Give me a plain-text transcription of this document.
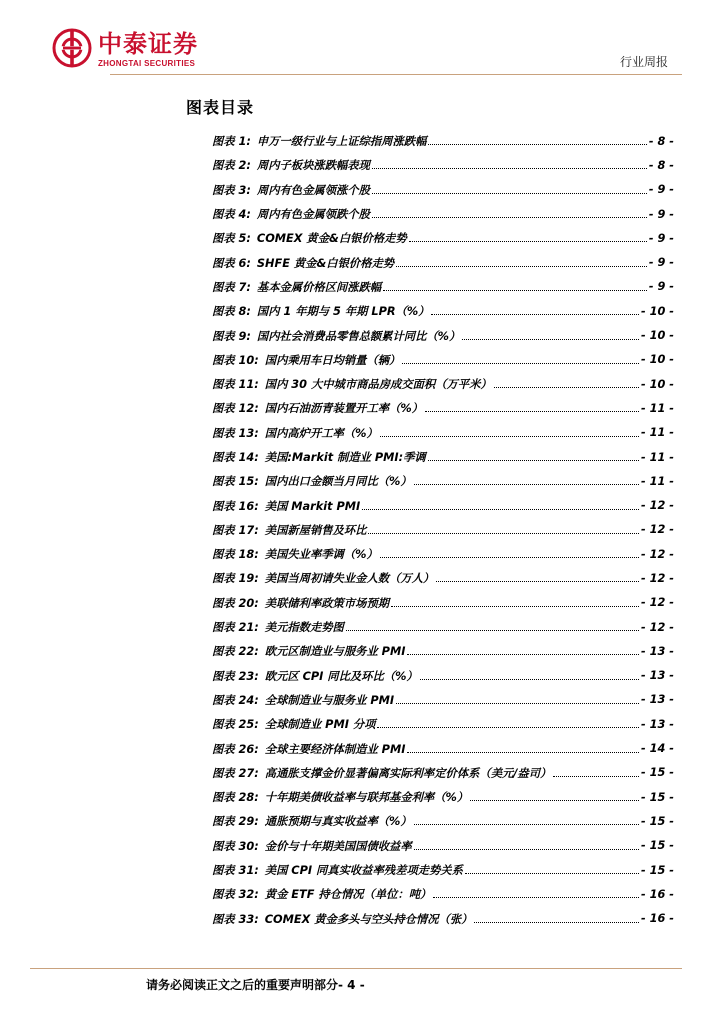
中泰证券
ZHONGTAI SECURITIES	行业周报
图表目录
图表 1: 申万一级行业与上证综指周涨跌幅	- 8 -
图表 2: 周内子板块涨跌幅表现	- 8 -
图表 3: 周内有色金属领涨个股	- 9 -
图表 4: 周内有色金属领跌个股	- 9 -
图表 5: COMEX 黄金&白银价格走势	- 9 -
图表 6: SHFE 黄金&白银价格走势	- 9 -
图表 7: 基本金属价格区间涨跌幅	- 9 -
图表 8: 国内 1 年期与 5 年期 LPR（%）	- 10 -
图表 9: 国内社会消费品零售总额累计同比（%）	- 10 -
图表 10: 国内乘用车日均销量（辆）	- 10 -
图表 11: 国内 30 大中城市商品房成交面积（万平米）	- 10 -
图表 12: 国内石油沥青装置开工率（%）	- 11 -
图表 13: 国内高炉开工率（%）	- 11 -
图表 14: 美国:Markit 制造业 PMI:季调	- 11 -
图表 15: 国内出口金额当月同比（%）	- 11 -
图表 16: 美国 Markit PMI	- 12 -
图表 17: 美国新屋销售及环比	- 12 -
图表 18: 美国失业率季调（%）	- 12 -
图表 19: 美国当周初请失业金人数（万人）	- 12 -
图表 20: 美联储利率政策市场预期	- 12 -
图表 21: 美元指数走势图	- 12 -
图表 22: 欧元区制造业与服务业 PMI	- 13 -
图表 23: 欧元区 CPI 同比及环比（%）	- 13 -
图表 24: 全球制造业与服务业 PMI	- 13 -
图表 25: 全球制造业 PMI 分项	- 13 -
图表 26: 全球主要经济体制造业 PMI	- 14 -
图表 27: 高通胀支撑金价显著偏离实际利率定价体系（美元/盎司）	- 15 -
图表 28: 十年期美债收益率与联邦基金利率（%）	- 15 -
图表 29: 通胀预期与真实收益率（%）	- 15 -
图表 30: 金价与十年期美国国债收益率	- 15 -
图表 31: 美国 CPI 同真实收益率残差项走势关系	- 15 -
图表 32: 黄金 ETF 持仓情况（单位：吨）	- 16 -
图表 33: COMEX 黄金多头与空头持仓情况（张）	- 16 -
请务必阅读正文之后的重要声明部分- 4 -
